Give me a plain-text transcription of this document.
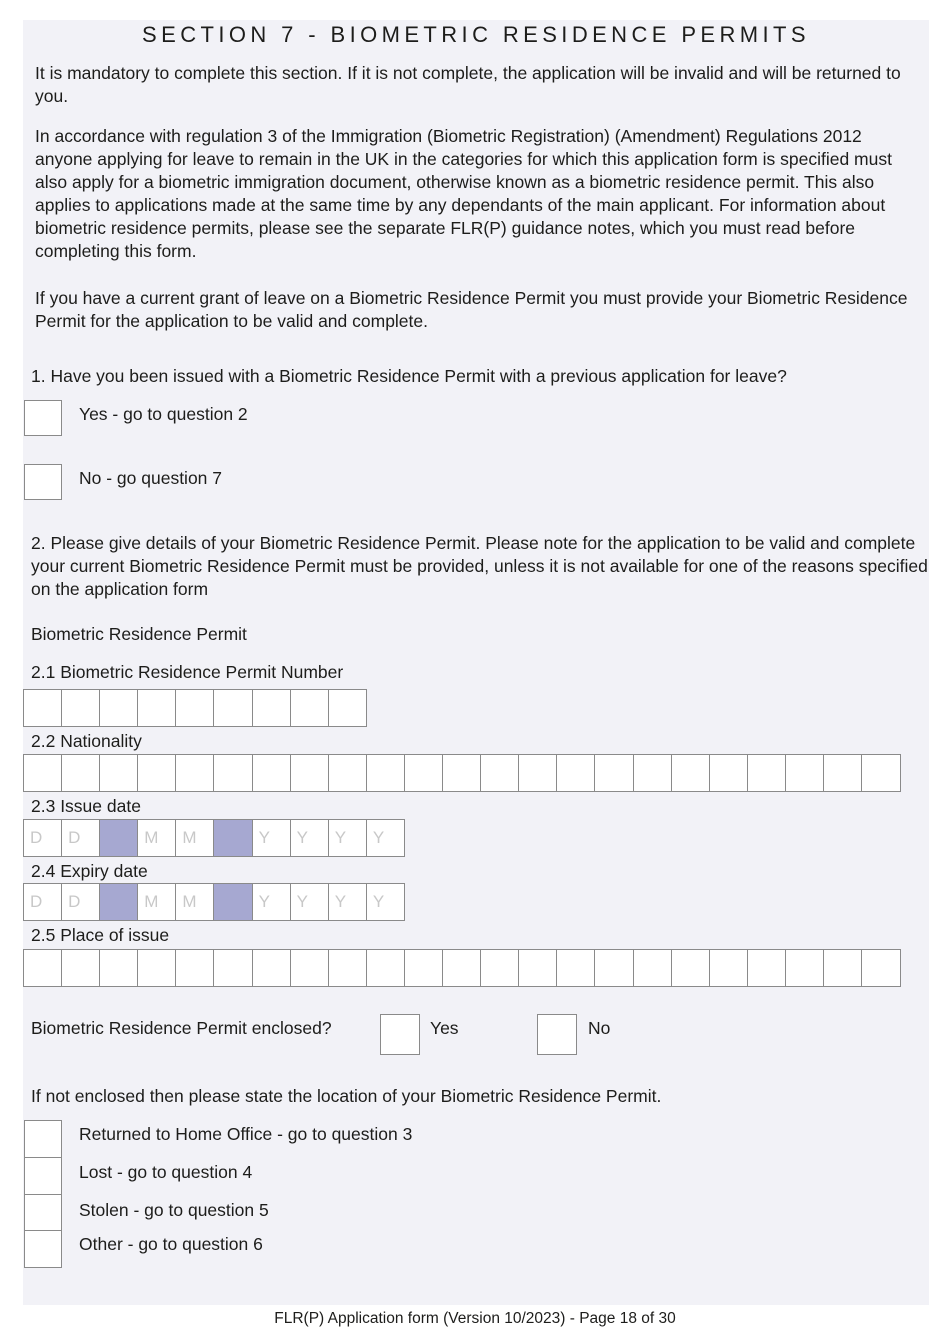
SECTION 7 - BIOMETRIC RESIDENCE PERMITS
It is mandatory to complete this section. If it is not complete, the application will be invalid and will be returned to you.
In accordance with regulation 3 of the Immigration (Biometric Registration) (Amendment) Regulations 2012 anyone applying for leave to remain in the UK in the categories for which this application form is specified must also apply for a biometric immigration document, otherwise known as a biometric residence permit. This also applies to applications made at the same time by any dependants of the main applicant. For information about biometric residence permits, please see the separate FLR(P) guidance notes, which you must read before completing this form.
If you have a current grant of leave on a Biometric Residence Permit you must provide your Biometric Residence Permit for the application to be valid and complete.
1. Have you been issued with a Biometric Residence Permit with a previous application for leave?
Yes - go to question 2
No - go question 7
2. Please give details of your Biometric Residence Permit. Please note for the application to be valid and complete your current Biometric Residence Permit must be provided, unless it is not available for one of the reasons specified on the application form
Biometric Residence Permit
2.1 Biometric Residence Permit Number
2.2 Nationality
2.3 Issue date
D	D	M	M	Y	Y	Y	Y
2.4 Expiry date
D	D	M	M	Y	Y	Y	Y
2.5 Place of issue
Biometric Residence Permit enclosed?	Yes	No
If not enclosed then please state the location of your Biometric Residence Permit.
Returned to Home Office - go to question 3
Lost - go to question 4
Stolen - go to question 5
Other - go to question 6
FLR(P) Application form (Version 10/2023) - Page 18 of 30
